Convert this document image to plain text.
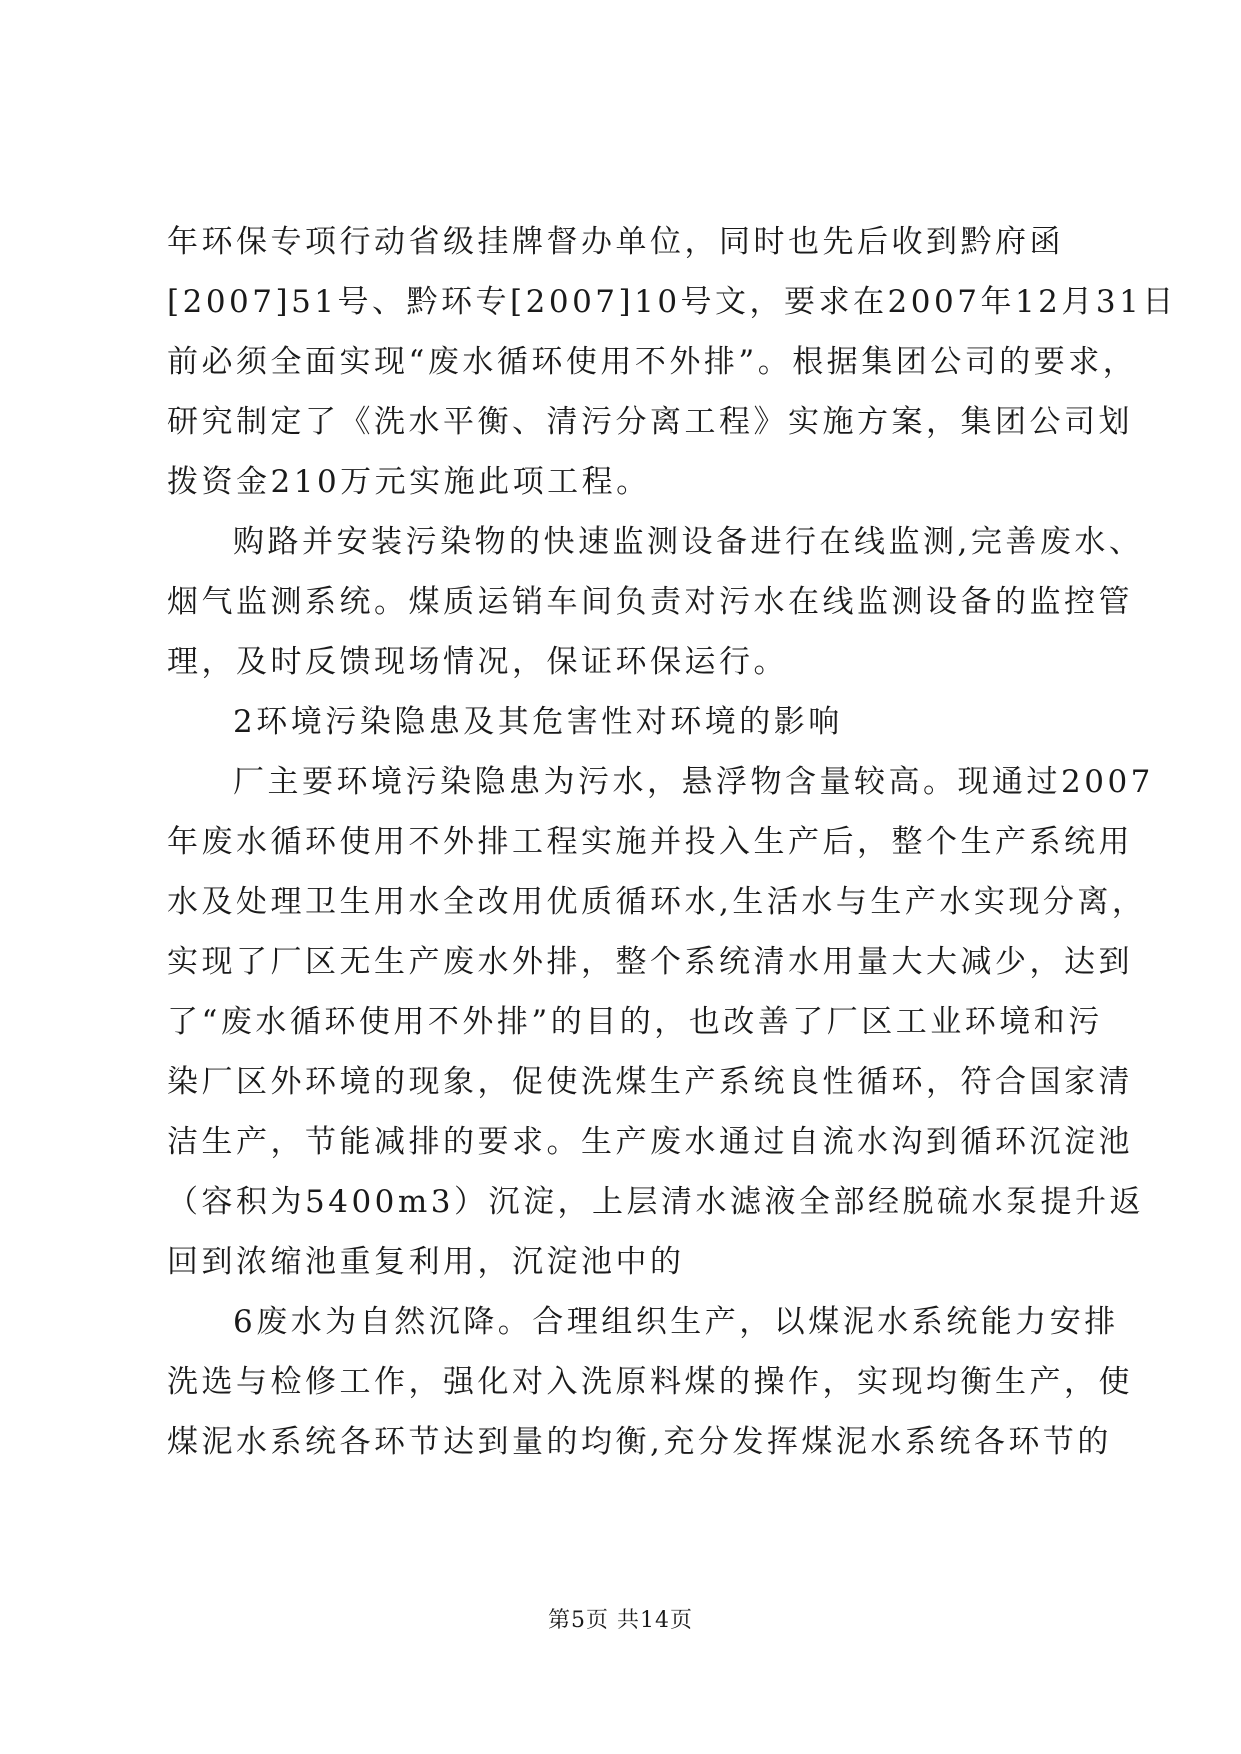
年环保专项行动省级挂牌督办单位，同时也先后收到黔府函
[2007]51号、黔环专[2007]10号文，要求在2007年12月31日
前必须全面实现“废水循环使用不外排”。根据集团公司的要求，
研究制定了《洗水平衡、清污分离工程》实施方案，集团公司划
拨资金210万元实施此项工程。

购路并安装污染物的快速监测设备进行在线监测,完善废水、
烟气监测系统。煤质运销车间负责对污水在线监测设备的监控管
理，及时反馈现场情况，保证环保运行。

2环境污染隐患及其危害性对环境的影响

厂主要环境污染隐患为污水，悬浮物含量较高。现通过2007
年废水循环使用不外排工程实施并投入生产后，整个生产系统用
水及处理卫生用水全改用优质循环水,生活水与生产水实现分离，
实现了厂区无生产废水外排，整个系统清水用量大大减少，达到
了“废水循环使用不外排”的目的，也改善了厂区工业环境和污
染厂区外环境的现象，促使洗煤生产系统良性循环，符合国家清
洁生产，节能减排的要求。生产废水通过自流水沟到循环沉淀池
（容积为5400m3）沉淀，上层清水滤液全部经脱硫水泵提升返
回到浓缩池重复利用，沉淀池中的

6废水为自然沉降。合理组织生产，以煤泥水系统能力安排
洗选与检修工作，强化对入洗原料煤的操作，实现均衡生产，使
煤泥水系统各环节达到量的均衡,充分发挥煤泥水系统各环节的

第5页 共14页
